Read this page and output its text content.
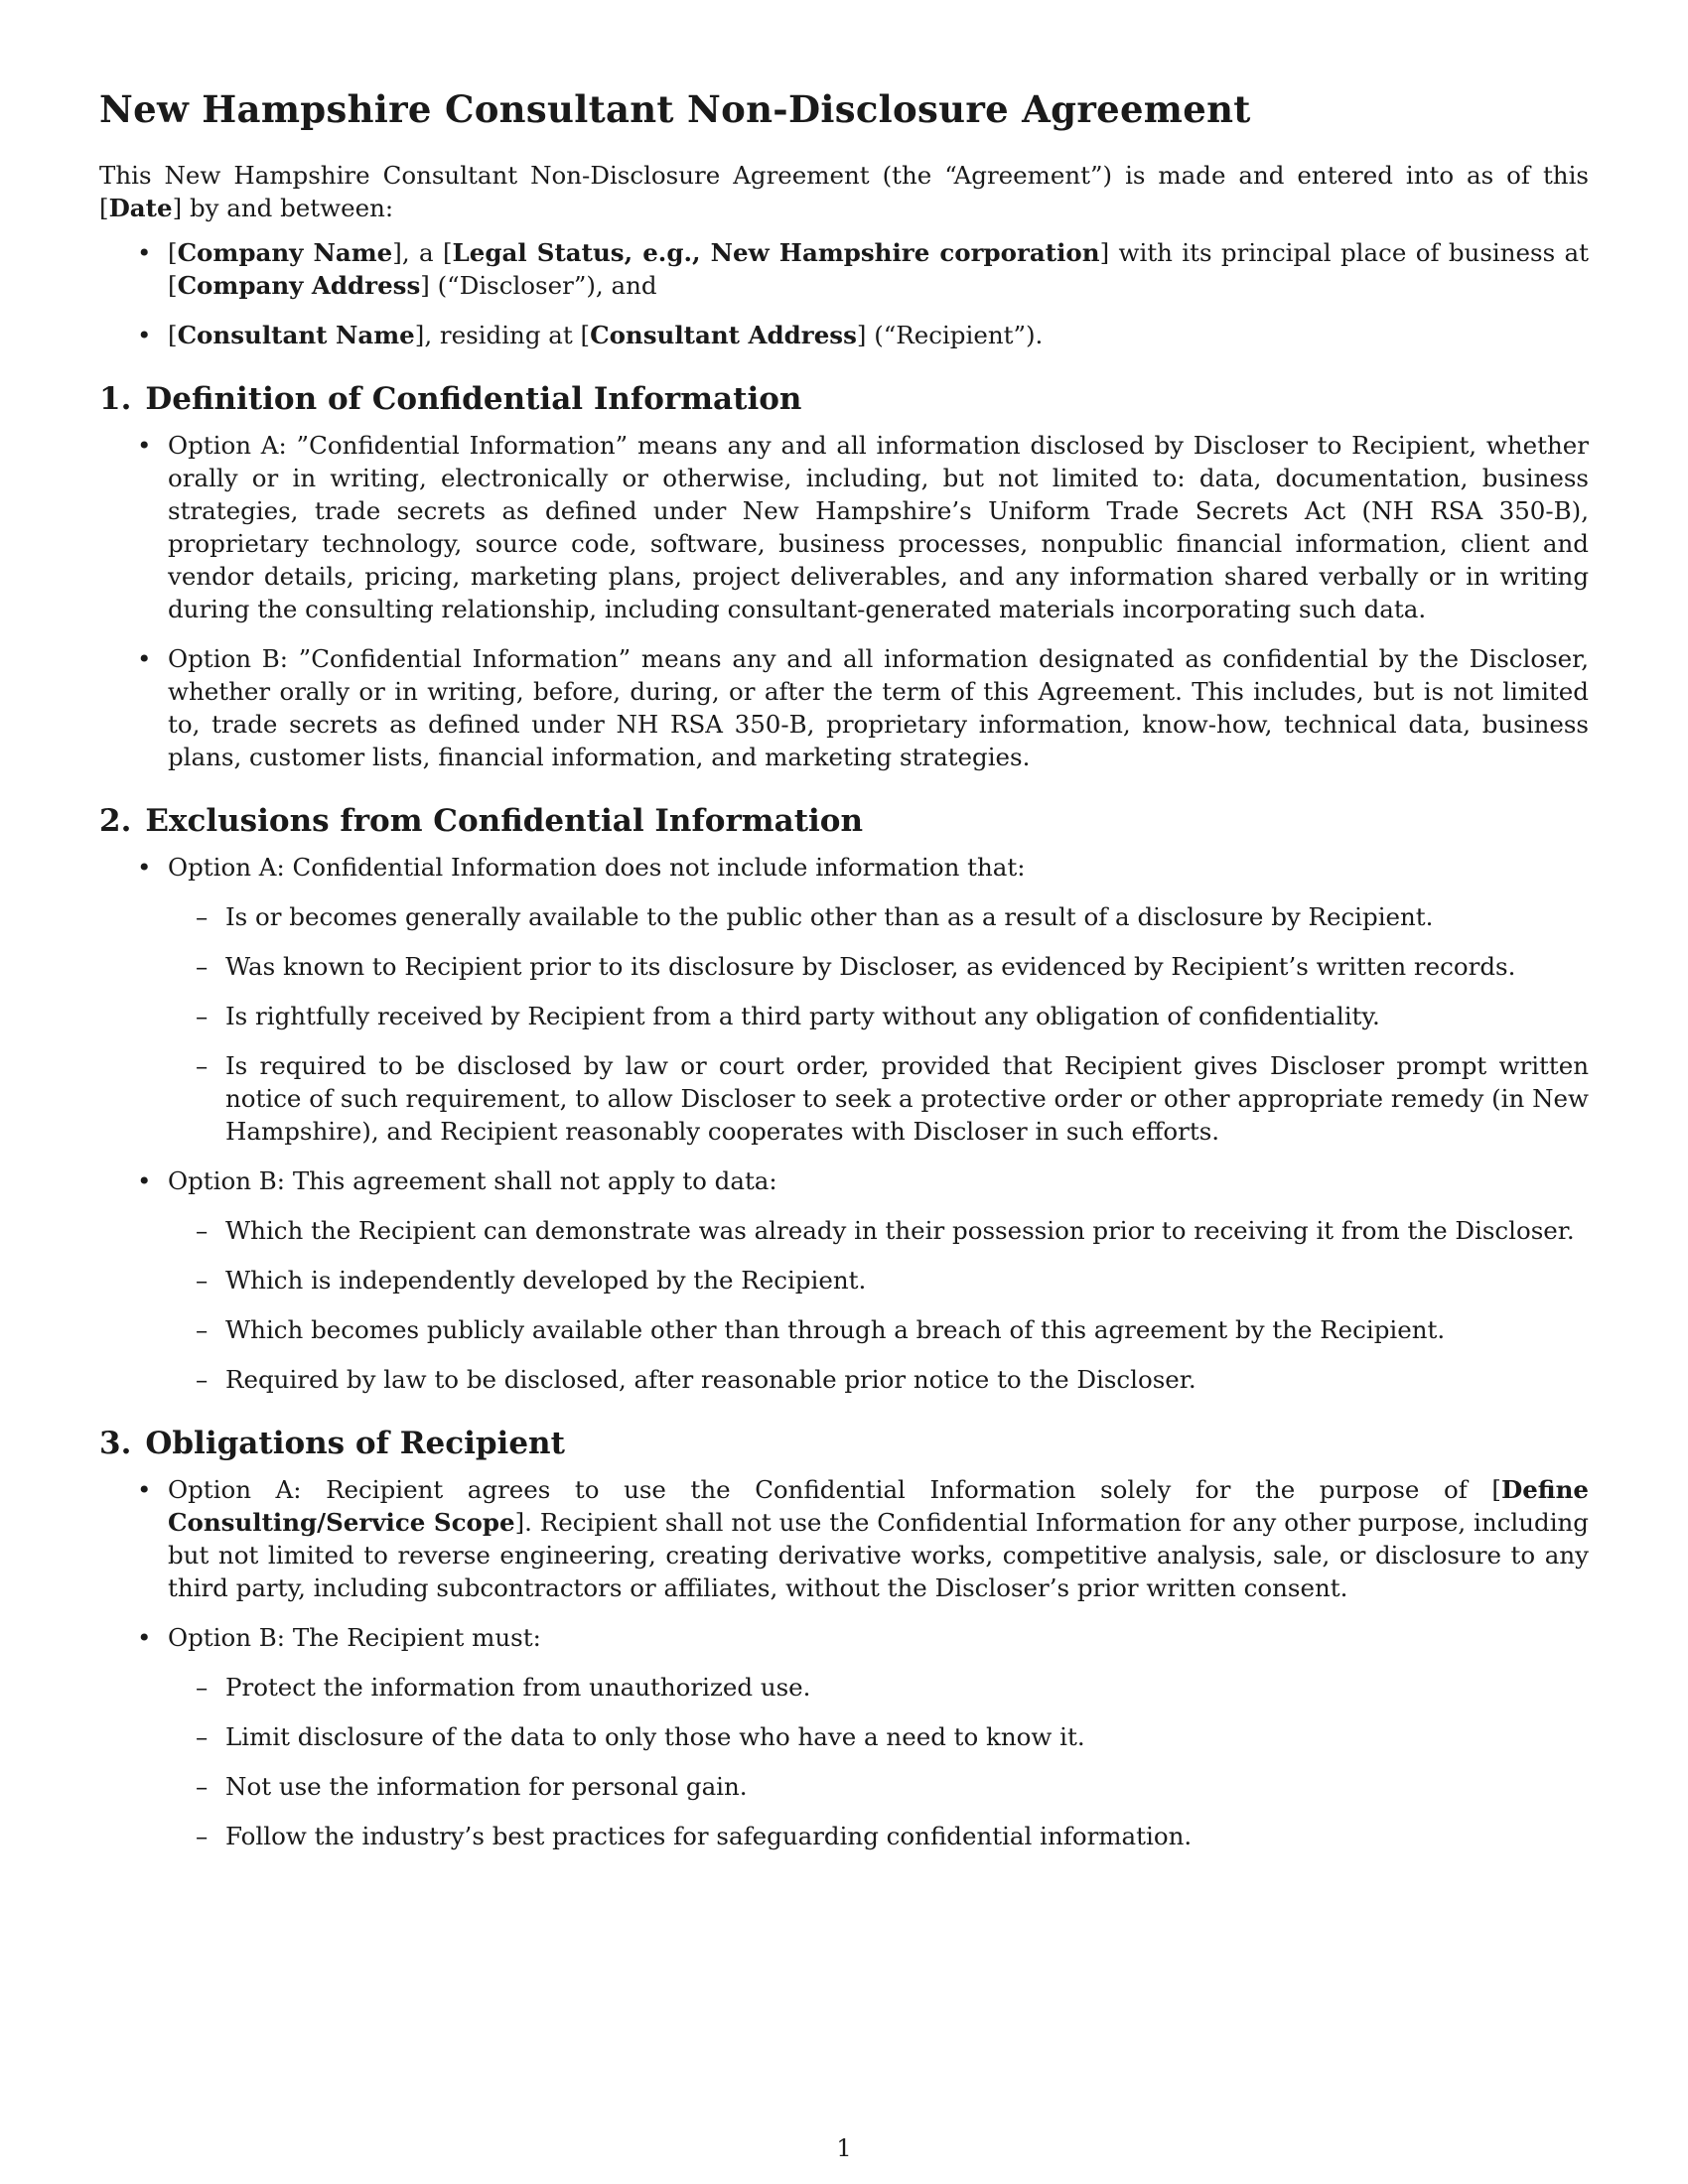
New Hampshire Consultant Non-Disclosure Agreement

This New Hampshire Consultant Non-Disclosure Agreement (the “Agreement”) is made and entered into as of this [Date] by and between:

• [Company Name], a [Legal Status, e.g., New Hampshire corporation] with its principal place of business at [Company Address] (“Discloser”), and
• [Consultant Name], residing at [Consultant Address] (“Recipient”).
1. Definition of Confidential Information
• Option A: ”Confidential Information” means any and all information disclosed by Discloser to Recipient, whether orally or in writing, electronically or otherwise, including, but not limited to: data, documentation, business strategies, trade secrets as defined under New Hampshire’s Uniform Trade Secrets Act (NH RSA 350-B), proprietary technology, source code, software, business processes, nonpublic financial information, client and vendor details, pricing, marketing plans, project deliverables, and any information shared verbally or in writing during the consulting relationship, including consultant-generated materials incorporating such data.
• Option B: ”Confidential Information” means any and all information designated as confidential by the Discloser, whether orally or in writing, before, during, or after the term of this Agreement. This includes, but is not limited to, trade secrets as defined under NH RSA 350-B, proprietary information, know-how, technical data, business plans, customer lists, financial information, and marketing strategies.
2. Exclusions from Confidential Information
• Option A: Confidential Information does not include information that:
– Is or becomes generally available to the public other than as a result of a disclosure by Recipient.
– Was known to Recipient prior to its disclosure by Discloser, as evidenced by Recipient’s written records.
– Is rightfully received by Recipient from a third party without any obligation of confidentiality.
– Is required to be disclosed by law or court order, provided that Recipient gives Discloser prompt written notice of such requirement, to allow Discloser to seek a protective order or other appropriate remedy (in New Hampshire), and Recipient reasonably cooperates with Discloser in such efforts.
• Option B: This agreement shall not apply to data:
– Which the Recipient can demonstrate was already in their possession prior to receiving it from the Discloser.
– Which is independently developed by the Recipient.
– Which becomes publicly available other than through a breach of this agreement by the Recipient.
– Required by law to be disclosed, after reasonable prior notice to the Discloser.
3. Obligations of Recipient
• Option A: Recipient agrees to use the Confidential Information solely for the purpose of [Define Consulting/Service Scope]. Recipient shall not use the Confidential Information for any other purpose, including but not limited to reverse engineering, creating derivative works, competitive analysis, sale, or disclosure to any third party, including subcontractors or affiliates, without the Discloser’s prior written consent.
• Option B: The Recipient must:
– Protect the information from unauthorized use.
– Limit disclosure of the data to only those who have a need to know it.
– Not use the information for personal gain.
– Follow the industry’s best practices for safeguarding confidential information.
1
